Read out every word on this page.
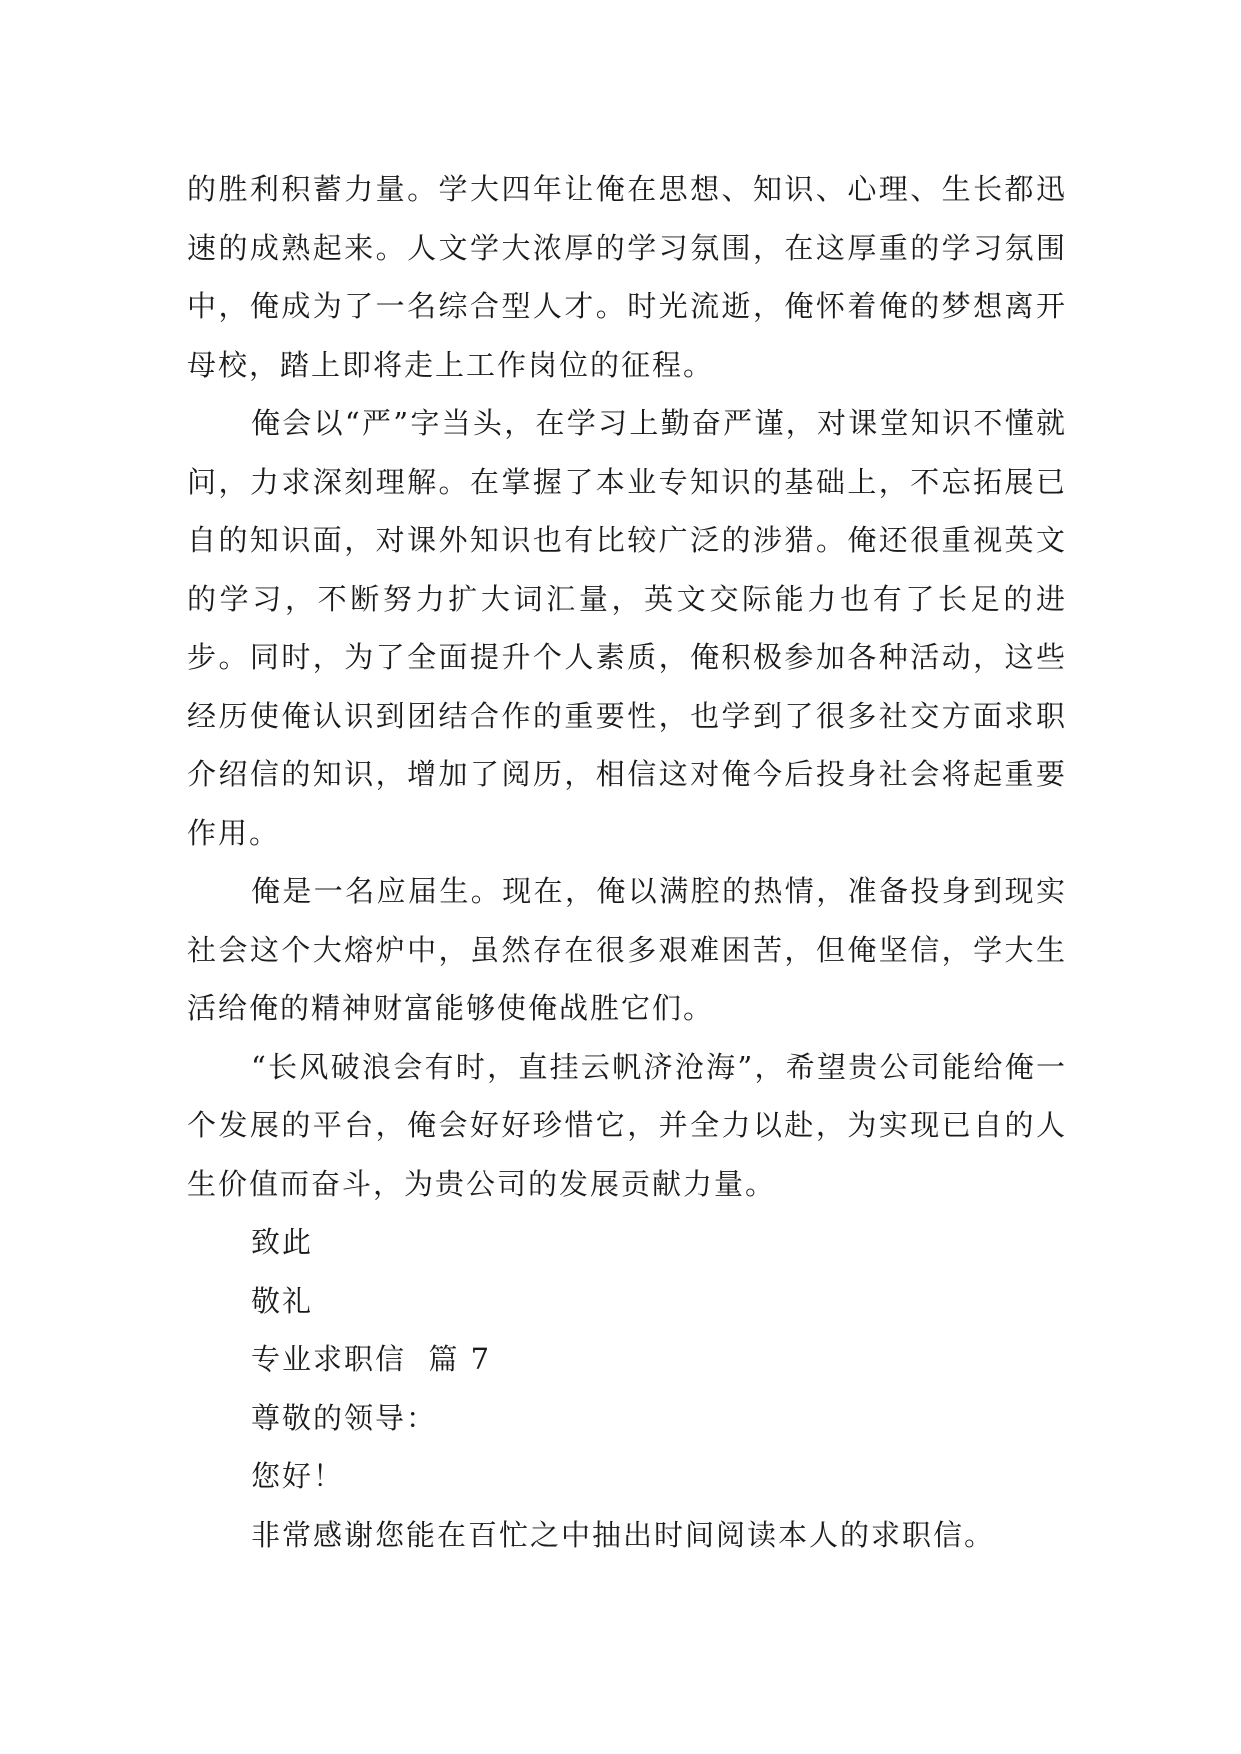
的胜利积蓄力量。学大四年让俺在思想、知识、心理、生长都迅速的成熟起来。人文学大浓厚的学习氛围，在这厚重的学习氛围中，俺成为了一名综合型人才。时光流逝，俺怀着俺的梦想离开母校，踏上即将走上工作岗位的征程。

俺会以“严”字当头，在学习上勤奋严谨，对课堂知识不懂就问，力求深刻理解。在掌握了本业专知识的基础上，不忘拓展已自的知识面，对课外知识也有比较广泛的涉猎。俺还很重视英文的学习，不断努力扩大词汇量，英文交际能力也有了长足的进步。同时，为了全面提升个人素质，俺积极参加各种活动，这些经历使俺认识到团结合作的重要性，也学到了很多社交方面求职介绍信的知识，增加了阅历，相信这对俺今后投身社会将起重要作用。

俺是一名应届生。现在，俺以满腔的热情，准备投身到现实社会这个大熔炉中，虽然存在很多艰难困苦，但俺坚信，学大生活给俺的精神财富能够使俺战胜它们。

“长风破浪会有时，直挂云帆济沧海”，希望贵公司能给俺一个发展的平台，俺会好好珍惜它，并全力以赴，为实现已自的人生价值而奋斗，为贵公司的发展贡献力量。

致此

敬礼

专业求职信  篇 7

尊敬的领导：

您好！

非常感谢您能在百忙之中抽出时间阅读本人的求职信。
